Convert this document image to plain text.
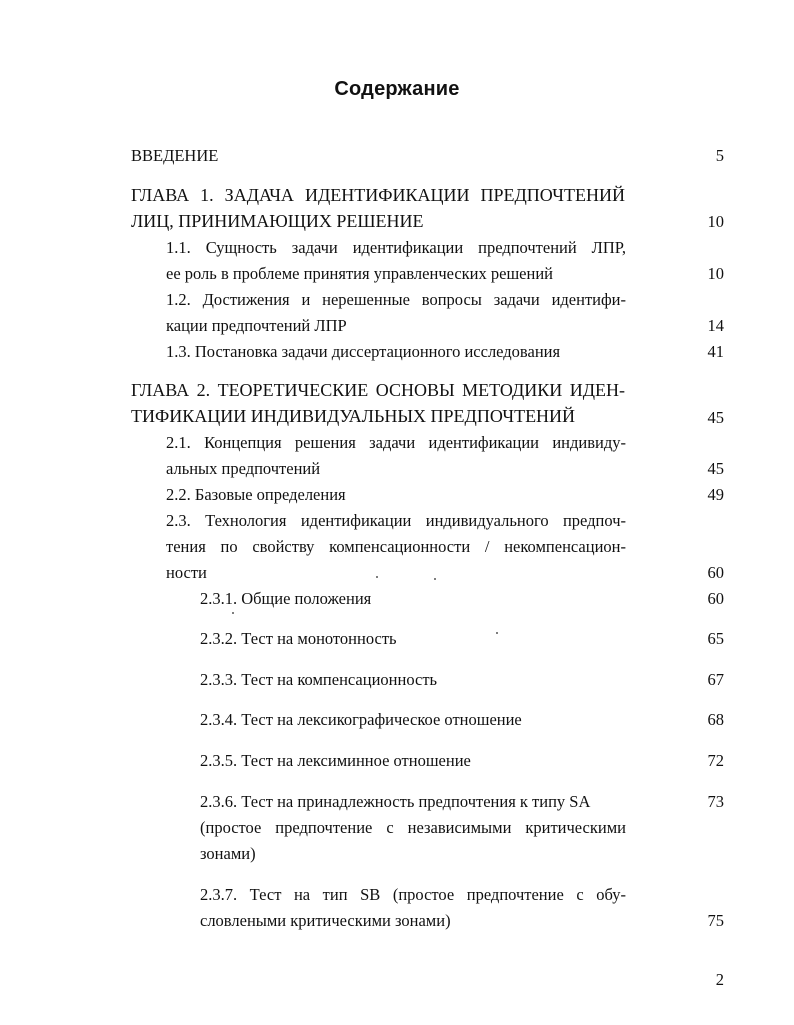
Содержание
ВВЕДЕНИЕ	5
ГЛАВА 1. ЗАДАЧА ИДЕНТИФИКАЦИИ ПРЕДПОЧТЕНИЙ
ЛИЦ, ПРИНИМАЮЩИХ РЕШЕНИЕ	10
1.1. Сущность задачи идентификации предпочтений ЛПР,
ее роль в проблеме принятия управленческих решений	10
1.2. Достижения и нерешенные вопросы задачи идентифи-
кации предпочтений ЛПР	14
1.3. Постановка задачи диссертационного исследования	41
ГЛАВА 2. ТЕОРЕТИЧЕСКИЕ ОСНОВЫ МЕТОДИКИ ИДЕН-
ТИФИКАЦИИ ИНДИВИДУАЛЬНЫХ ПРЕДПОЧТЕНИЙ	45
2.1. Концепция решения задачи идентификации индивиду-
альных предпочтений	45
2.2. Базовые определения	49
2.3. Технология идентификации индивидуального предпоч-
тения по свойству компенсационности / некомпенсацион-
ности	60
2.3.1. Общие положения	60
2.3.2. Тест на монотонность	65
2.3.3. Тест на компенсационность	67
2.3.4. Тест на лексикографическое отношение	68
2.3.5. Тест на лексиминное отношение	72
2.3.6. Тест на принадлежность предпочтения к типу SA	73
(простое предпочтение с независимыми критическими
зонами)
2.3.7. Тест на тип SB (простое предпочтение с обу-
словлеными критическими зонами)	75
2
